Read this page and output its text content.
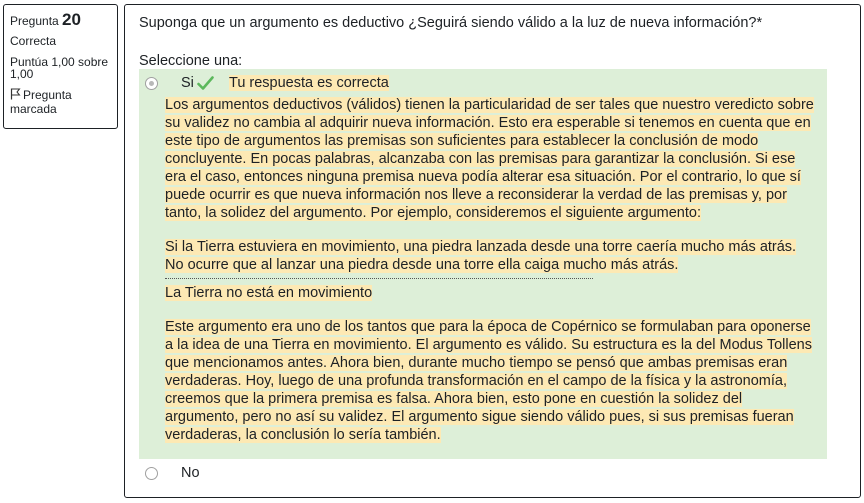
Pregunta 20
Correcta
Puntúa 1,00 sobre 1,00
Pregunta marcada
Suponga que un argumento es deductivo ¿Seguirá siendo válido a la luz de nueva información?*
Seleccione una:
Si Tu respuesta es correcta

Los argumentos deductivos (válidos) tienen la particularidad de ser tales que nuestro veredicto sobre su validez no cambia al adquirir nueva información. Esto era esperable si tenemos en cuenta que en este tipo de argumentos las premisas son suficientes para establecer la conclusión de modo concluyente. En pocas palabras, alcanzaba con las premisas para garantizar la conclusión. Si ese era el caso, entonces ninguna premisa nueva podía alterar esa situación. Por el contrario, lo que sí puede ocurrir es que nueva información nos lleve a reconsiderar la verdad de las premisas y, por tanto, la solidez del argumento. Por ejemplo, consideremos el siguiente argumento:

Si la Tierra estuviera en movimiento, una piedra lanzada desde una torre caería mucho más atrás.

No ocurre que al lanzar una piedra desde una torre ella caiga mucho más atrás.

La Tierra no está en movimiento

Este argumento era uno de los tantos que para la época de Copérnico se formulaban para oponerse a la idea de una Tierra en movimiento. El argumento es válido. Su estructura es la del Modus Tollens que mencionamos antes. Ahora bien, durante mucho tiempo se pensó que ambas premisas eran verdaderas. Hoy, luego de una profunda transformación en el campo de la física y la astronomía, creemos que la primera premisa es falsa. Ahora bien, esto pone en cuestión la solidez del argumento, pero no así su validez. El argumento sigue siendo válido pues, si sus premisas fueran verdaderas, la conclusión lo sería también.

No
